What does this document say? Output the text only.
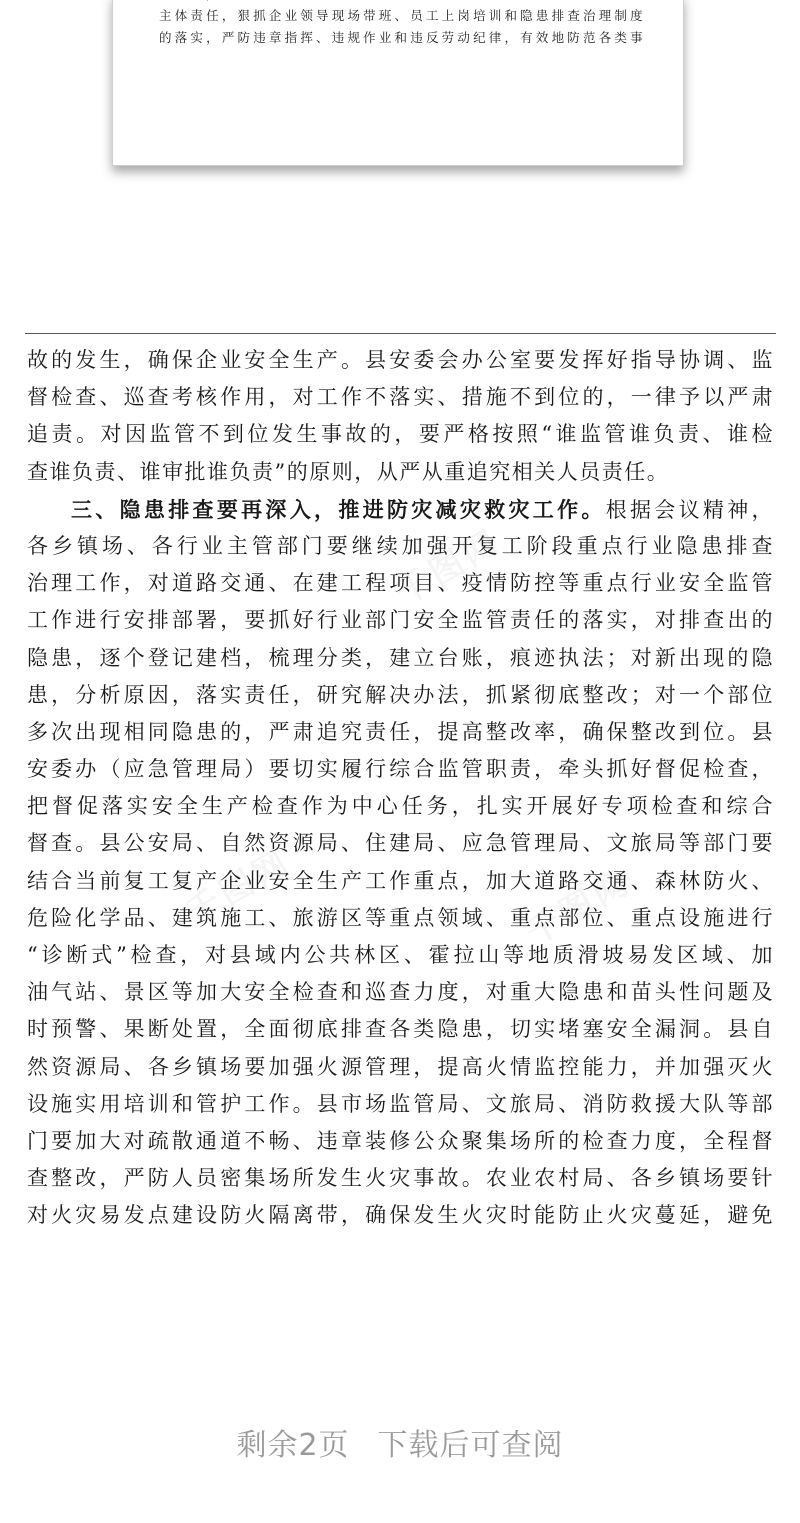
主体责任，狠抓企业领导现场带班、员工上岗培训和隐患排查治理制度
的落实，严防违章指挥、违规作业和违反劳动纪律，有效地防范各类事
故的发生，确保企业安全生产。县安委会办公室要发挥好指导协调、监
督检查、巡查考核作用，对工作不落实、措施不到位的，一律予以严肃
追责。对因监管不到位发生事故的，要严格按照“谁监管谁负责、谁检
查谁负责、谁审批谁负责”的原则，从严从重追究相关人员责任。
三、隐患排查要再深入，推进防灾减灾救灾工作。根据会议精神，
各乡镇场、各行业主管部门要继续加强开复工阶段重点行业隐患排查
治理工作，对道路交通、在建工程项目、疫情防控等重点行业安全监管
工作进行安排部署，要抓好行业部门安全监管责任的落实，对排查出的
隐患，逐个登记建档，梳理分类，建立台账，痕迹执法；对新出现的隐
患，分析原因，落实责任，研究解决办法，抓紧彻底整改；对一个部位
多次出现相同隐患的，严肃追究责任，提高整改率，确保整改到位。县
安委办（应急管理局）要切实履行综合监管职责，牵头抓好督促检查，
把督促落实安全生产检查作为中心任务，扎实开展好专项检查和综合
督查。县公安局、自然资源局、住建局、应急管理局、文旅局等部门要
结合当前复工复产企业安全生产工作重点，加大道路交通、森林防火、
危险化学品、建筑施工、旅游区等重点领域、重点部位、重点设施进行
“诊断式”检查，对县域内公共林区、霍拉山等地质滑坡易发区域、加
油气站、景区等加大安全检查和巡查力度，对重大隐患和苗头性问题及
时预警、果断处置，全面彻底排查各类隐患，切实堵塞安全漏洞。县自
然资源局、各乡镇场要加强火源管理，提高火情监控能力，并加强灭火
设施实用培训和管护工作。县市场监管局、文旅局、消防救援大队等部
门要加大对疏散通道不畅、违章装修公众聚集场所的检查力度，全程督
查整改，严防人员密集场所发生火灾事故。农业农村局、各乡镇场要针
对火灾易发点建设防火隔离带，确保发生火灾时能防止火灾蔓延，避免
剩余2页 下载后可查阅
